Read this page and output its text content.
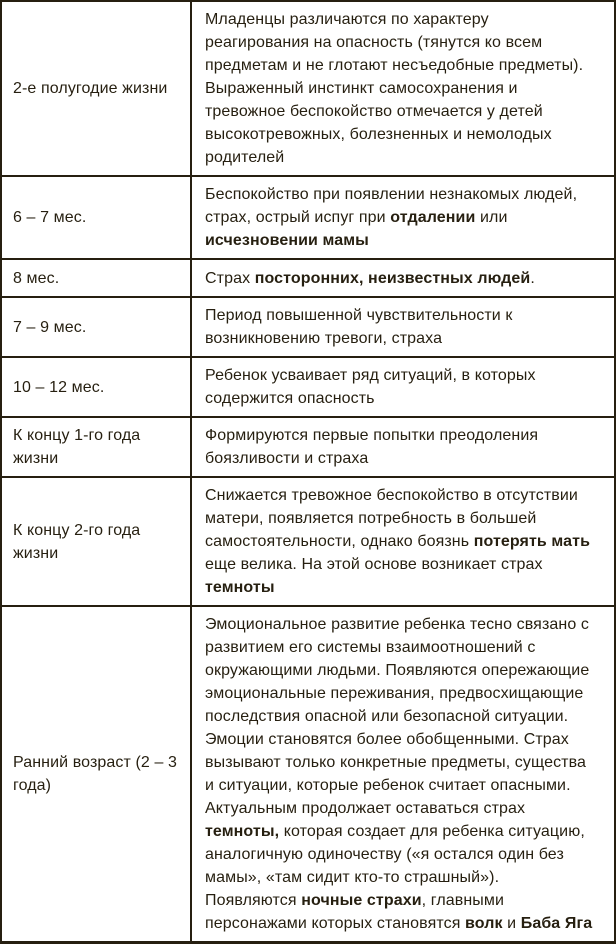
2-е полугодие жизни	Младенцы различаются по характеру реагирования на опасность (тянутся ко всем предметам и не глотают несъедобные предметы). Выраженный инстинкт самосохранения и тревожное беспокойство отмечается у детей высокотревожных, болезненных и немолодых родителей
6 – 7 мес.	Беспокойство при появлении незнакомых людей, страх, острый испуг при отдалении или исчезновении мамы
8 мес.	Страх посторонних, неизвестных людей.
7 – 9 мес.	Период повышенной чувствительности к возникновению тревоги, страха
10 – 12 мес.	Ребенок усваивает ряд ситуаций, в которых содержится опасность
К концу 1-го года жизни	Формируются первые попытки преодоления боязливости и страха
К концу 2-го года жизни	Снижается тревожное беспокойство в отсутствии матери, появляется потребность в большей самостоятельности, однако боязнь потерять мать еще велика. На этой основе возникает страх темноты
Ранний возраст (2 – 3 года)	Эмоциональное развитие ребенка тесно связано с развитием его системы взаимоотношений с окружающими людьми. Появляются опережающие эмоциональные переживания, предвосхищающие последствия опасной или безопасной ситуации. Эмоции становятся более обобщенными. Страх вызывают только конкретные предметы, существа и ситуации, которые ребенок считает опасными. Актуальным продолжает оставаться страх темноты, которая создает для ребенка ситуацию, аналогичную одиночеству («я остался один без мамы», «там сидит кто-то страшный»). Появляются ночные страхи, главными персонажами которых становятся волк и Баба Яга
